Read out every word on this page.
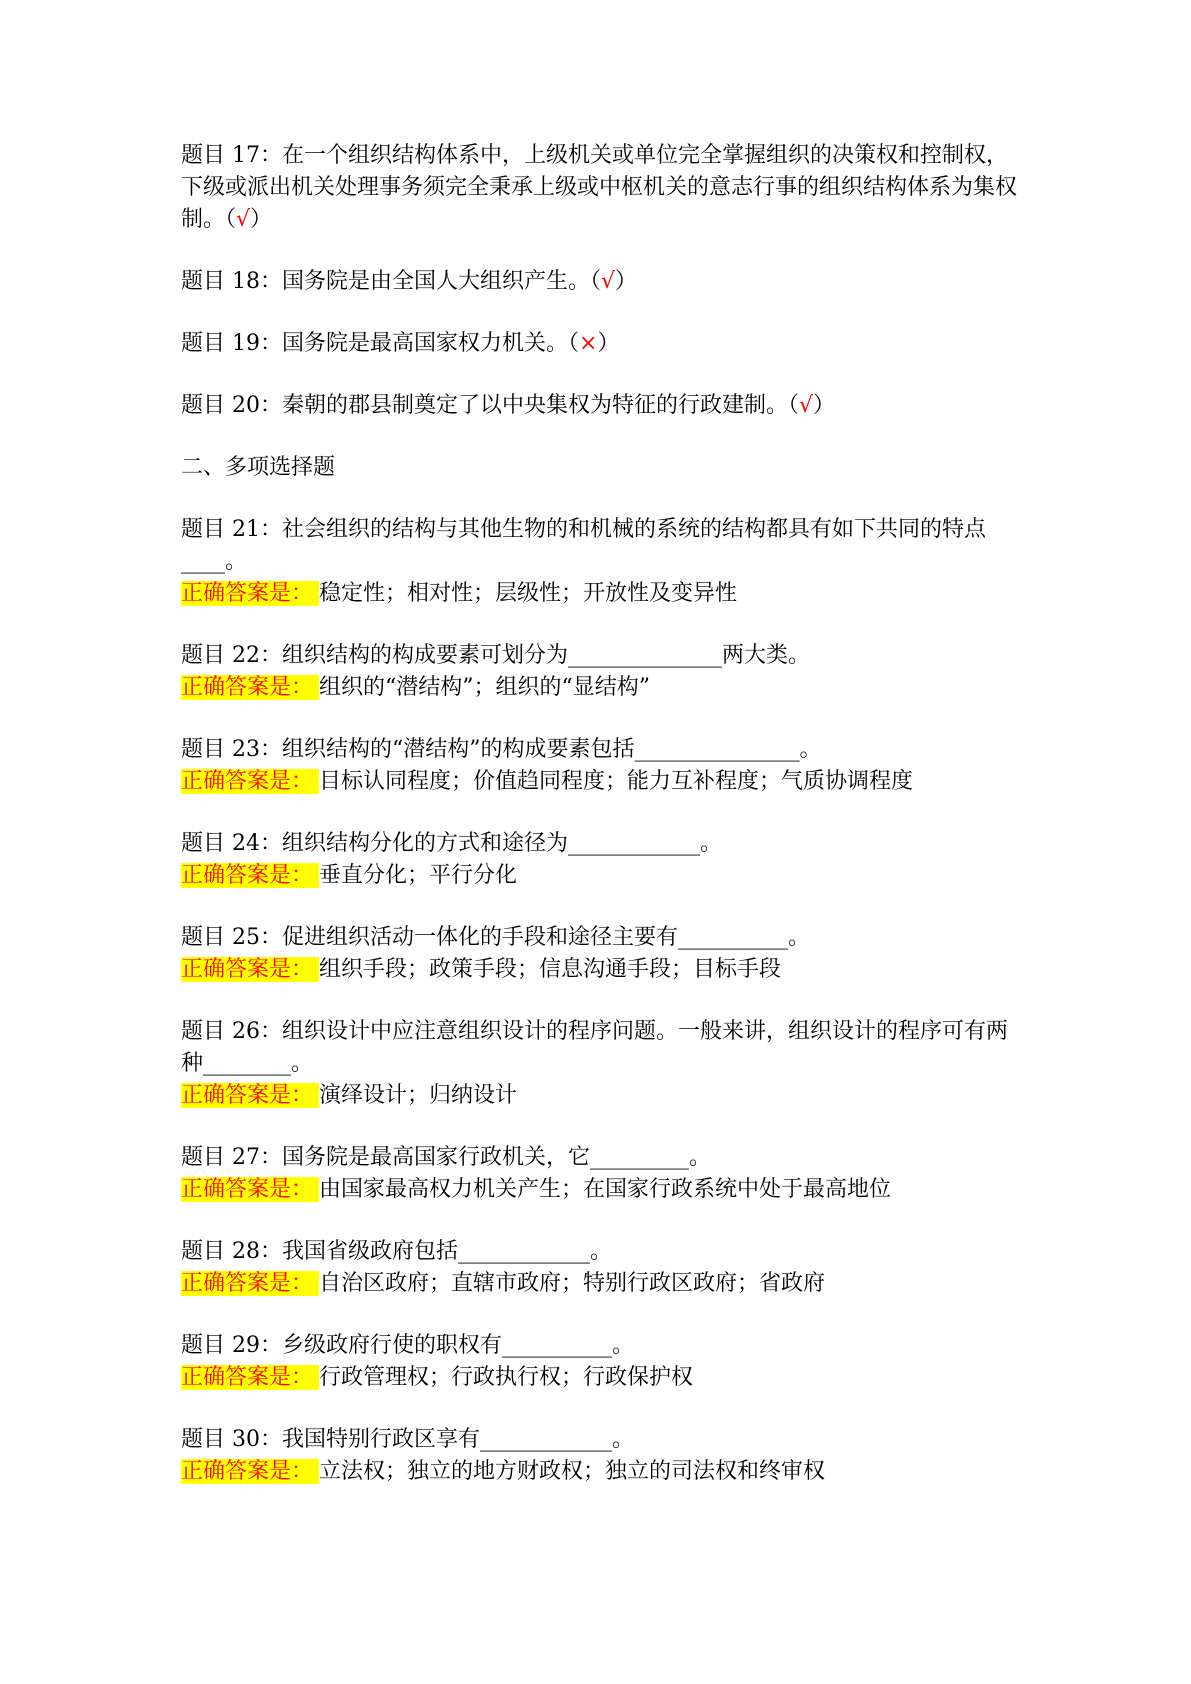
题目 17：在一个组织结构体系中，上级机关或单位完全掌握组织的决策权和控制权，下级或派出机关处理事务须完全秉承上级或中枢机关的意志行事的组织结构体系为集权制。（√）
题目 18：国务院是由全国人大组织产生。（√）
题目 19：国务院是最高国家权力机关。（×）
题目 20：秦朝的郡县制奠定了以中央集权为特征的行政建制。（√）
二、多项选择题
题目 21：社会组织的结构与其他生物的和机械的系统的结构都具有如下共同的特点____。
正确答案是： 稳定性；相对性；层级性；开放性及变异性
题目 22：组织结构的构成要素可划分为______________两大类。
正确答案是： 组织的“潜结构”；组织的“显结构”
题目 23：组织结构的“潜结构”的构成要素包括_______________。
正确答案是： 目标认同程度；价值趋同程度；能力互补程度；气质协调程度
题目 24：组织结构分化的方式和途径为____________。
正确答案是： 垂直分化；平行分化
题目 25：促进组织活动一体化的手段和途径主要有__________。
正确答案是： 组织手段；政策手段；信息沟通手段；目标手段
题目 26：组织设计中应注意组织设计的程序问题。一般来讲，组织设计的程序可有两种________。
正确答案是： 演绎设计；归纳设计
题目 27：国务院是最高国家行政机关，它_________。
正确答案是： 由国家最高权力机关产生；在国家行政系统中处于最高地位
题目 28：我国省级政府包括____________。
正确答案是： 自治区政府；直辖市政府；特别行政区政府；省政府
题目 29：乡级政府行使的职权有__________。
正确答案是： 行政管理权；行政执行权；行政保护权
题目 30：我国特别行政区享有____________。
正确答案是： 立法权；独立的地方财政权；独立的司法权和终审权
